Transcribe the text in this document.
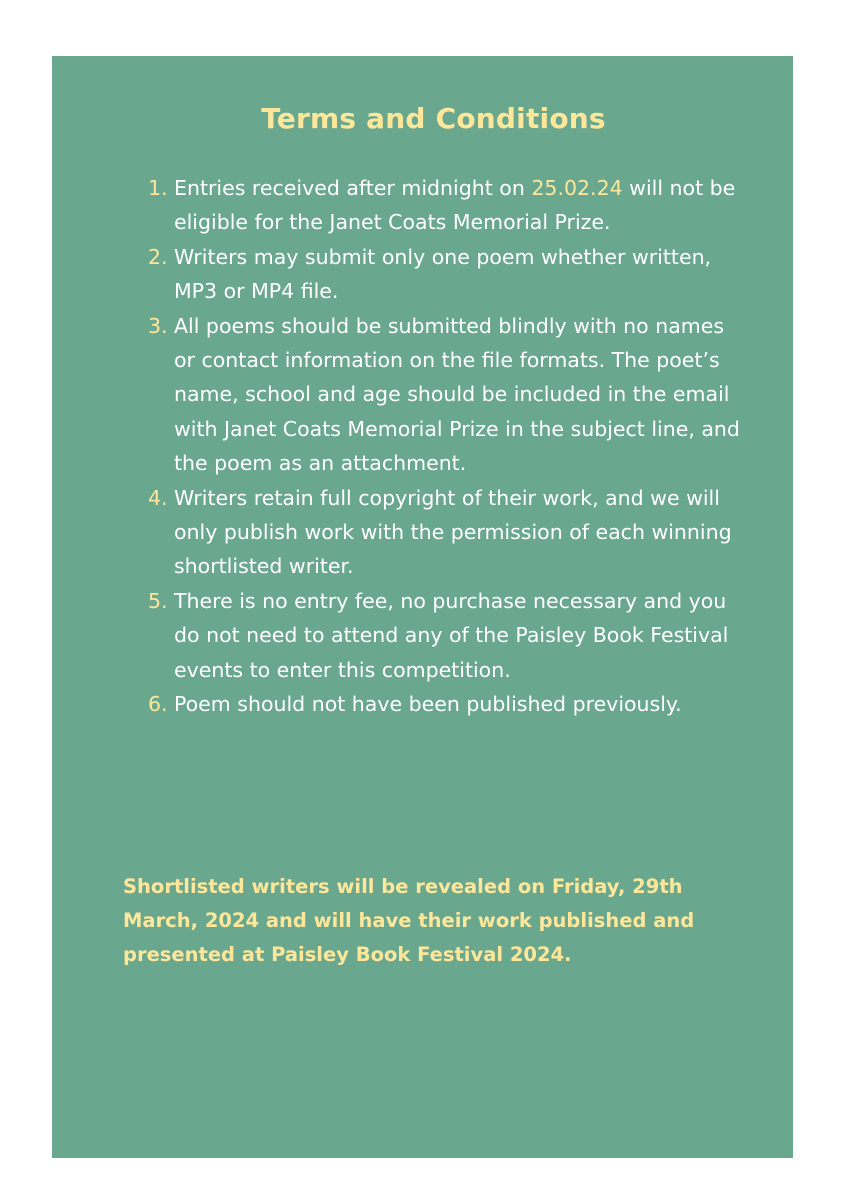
Terms and Conditions
1. Entries received after midnight on 25.02.24 will not be eligible for the Janet Coats Memorial Prize.
2. Writers may submit only one poem whether written, MP3 or MP4 file.
3. All poems should be submitted blindly with no names or contact information on the file formats. The poet’s name, school and age should be included in the email with Janet Coats Memorial Prize in the subject line, and the poem as an attachment.
4. Writers retain full copyright of their work, and we will only publish work with the permission of each winning shortlisted writer.
5. There is no entry fee, no purchase necessary and you do not need to attend any of the Paisley Book Festival events to enter this competition.
6. Poem should not have been published previously.

Shortlisted writers will be revealed on Friday, 29th March, 2024 and will have their work published and presented at Paisley Book Festival 2024.
